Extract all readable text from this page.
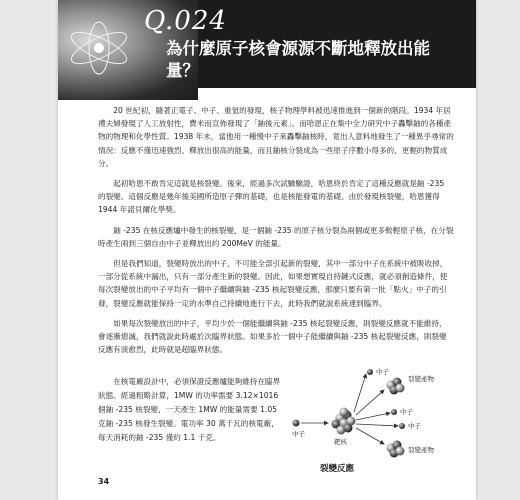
Q.024
為什麼原子核會源源不斷地釋放出能量？

20 世紀初，隨著正電子、中子、重氫的發現，核子物理學料被迅速推進到一個新的階段。1934 年居禮夫婦發現了人工放射性，費米而宣佈發現了「鈾後元素」。而哈恩正在集中全力研究中子轟擊鈾的各種產物的物理和化學性質。1938 年末，當他用一種慢中子來轟擊鈾核時，竟出人意料地發生了一種異乎尋常的情況：反應不僅迅速強烈、釋放出很高的能量，而且鈾核分裂成為一些原子序數小得多的、更輕的物質成分。

起初哈恩不敢肯定這就是核裂變。後來，經過多次試驗驗證，哈恩終於肯定了這種反應就是鈾 -235 的裂變。這個反應是幾年後美國所造原子彈的基礎，也是核能發電的基礎。由於發現核裂變，哈恩獲得 1944 年諾貝爾化學獎。

鈾 -235 在核反應爐中發生的核裂變，是一個鈾 -235 的原子核分裂為兩個或更多較輕原子核，在分裂時產生兩到三個自由中子並釋放出約 200MeV 的能量。

但是我們知道，裂變時放出的中子，不可能全部引起新的裂變，其中一部分中子在系統中被吸收掉，一部分從系統中漏出，只有一部分產生新的裂變。因此，如果想實現自持鏈式反應，就必須創造條件，使每次裂變放出的中子平均有一個中子繼續與鈾 -235 核起裂變反應，那麼只要有第一批「點火」中子的引發，裂變反應就能保持一定的水準自己持續地進行下去，此時我們就說系統達到臨界。

如果每次裂變放出的中子，平均少於一個能繼續與鈾 -235 核起裂變反應，則裂變反應就不能維持，會逐漸熄滅，我們就說此時處於次臨界狀態。如果多於一個中子能繼續與鈾 -235 核起裂變反應，則裂變反應有演愈烈，此時就是超臨界狀態。

在核電廠設計中，必須保證反應爐能夠維持在臨界狀態。經過粗略計算，1MW 的功率需要 3.12×1016 個鈾 -235 核裂變，一天產生 1MW 的能量需要 1.05 克鈾 -235 核發生裂變。電功率 30 萬千瓦的核電廠，每天消耗的鈾 -235 僅約 1.1 千克。	中子
靶核
裂變產物
中子
中子
中子
裂變產物
裂變反應
34
